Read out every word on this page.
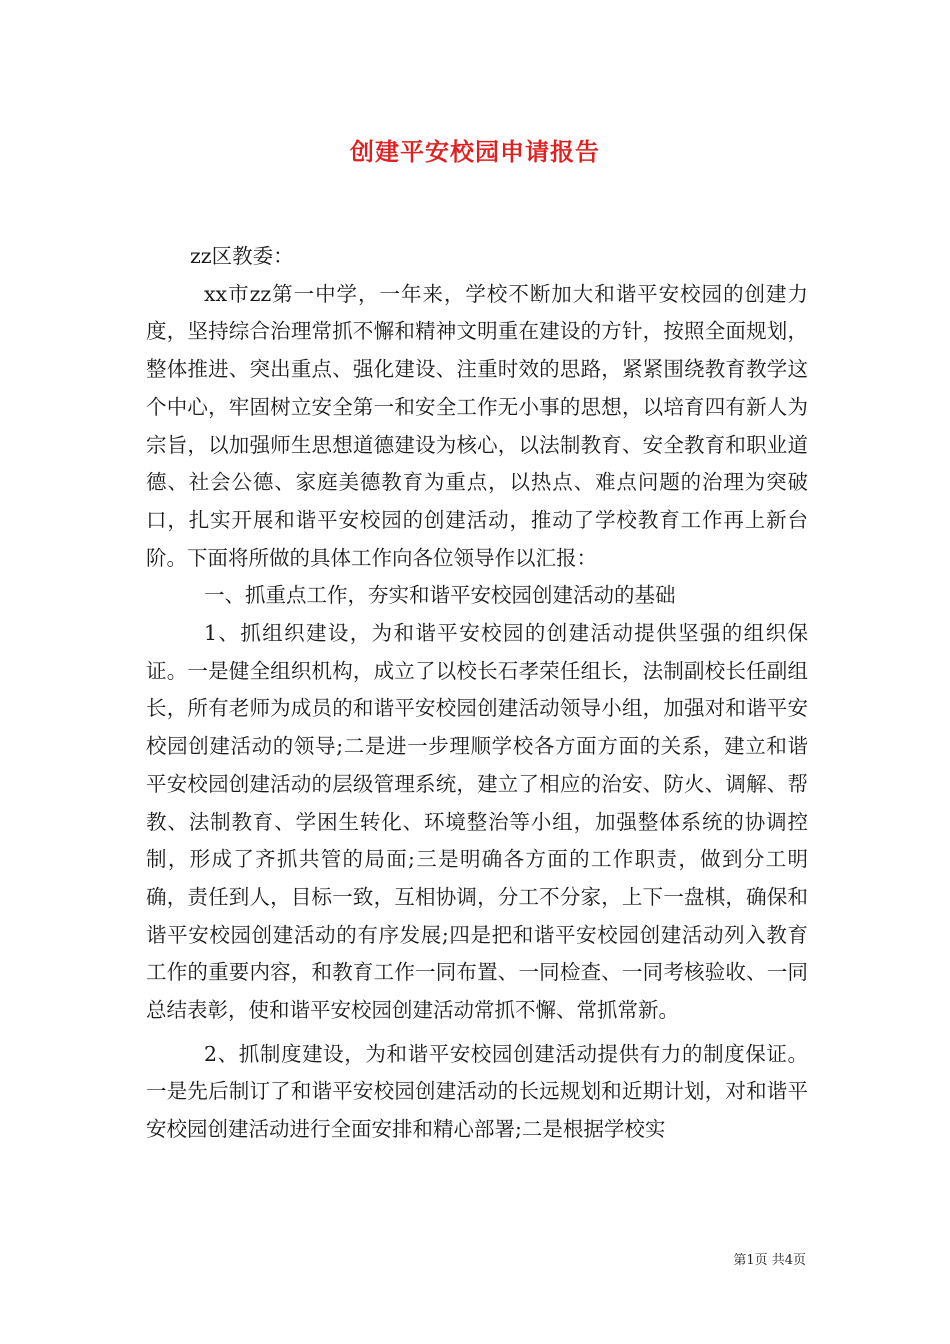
创建平安校园申请报告

zz区教委：

xx市zz第一中学，一年来，学校不断加大和谐平安校园的创建力度，坚持综合治理常抓不懈和精神文明重在建设的方针，按照全面规划，整体推进、突出重点、强化建设、注重时效的思路，紧紧围绕教育教学这个中心，牢固树立安全第一和安全工作无小事的思想，以培育四有新人为宗旨，以加强师生思想道德建设为核心，以法制教育、安全教育和职业道德、社会公德、家庭美德教育为重点，以热点、难点问题的治理为突破口，扎实开展和谐平安校园的创建活动，推动了学校教育工作再上新台阶。下面将所做的具体工作向各位领导作以汇报：

一、抓重点工作，夯实和谐平安校园创建活动的基础

1、抓组织建设，为和谐平安校园的创建活动提供坚强的组织保证。一是健全组织机构，成立了以校长石孝荣任组长，法制副校长任副组长，所有老师为成员的和谐平安校园创建活动领导小组，加强对和谐平安校园创建活动的领导;二是进一步理顺学校各方面方面的关系，建立和谐平安校园创建活动的层级管理系统，建立了相应的治安、防火、调解、帮教、法制教育、学困生转化、环境整治等小组，加强整体系统的协调控制，形成了齐抓共管的局面;三是明确各方面的工作职责，做到分工明确，责任到人，目标一致，互相协调，分工不分家，上下一盘棋，确保和谐平安校园创建活动的有序发展;四是把和谐平安校园创建活动列入教育工作的重要内容，和教育工作一同布置、一同检查、一同考核验收、一同总结表彰，使和谐平安校园创建活动常抓不懈、常抓常新。

2、抓制度建设，为和谐平安校园创建活动提供有力的制度保证。一是先后制订了和谐平安校园创建活动的长远规划和近期计划，对和谐平安校园创建活动进行全面安排和精心部署;二是根据学校实

第1页 共4页
